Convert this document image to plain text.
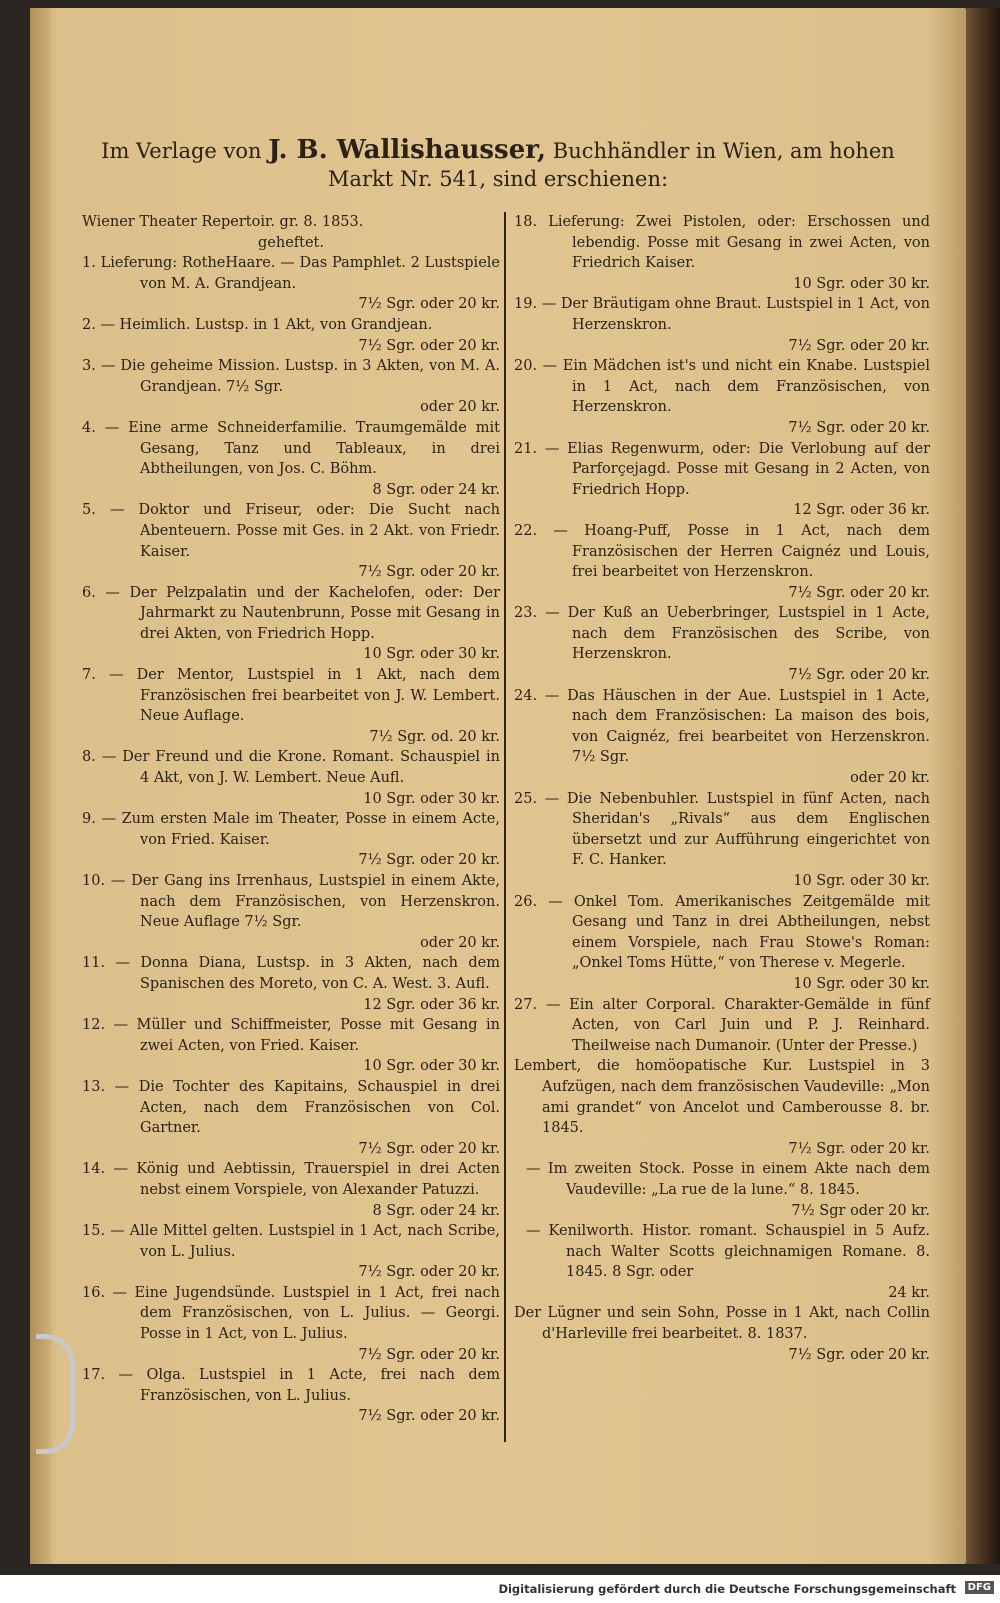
Im Verlage von J. B. Wallishausser, Buchhändler in Wien, am hohen Markt Nr. 541, sind erschienen:

Wiener Theater Repertoir. gr. 8. 1853.

geheftet.

1. Lieferung: RotheHaare. — Das Pamphlet. 2 Lustspiele von M. A. Grandjean.
7½ Sgr. oder 20 kr.

2. — Heimlich. Lustsp. in 1 Akt, von Grandjean.
7½ Sgr. oder 20 kr.

3. — Die geheime Mission. Lustsp. in 3 Akten, von M. A. Grandjean. 7½ Sgr.
oder 20 kr.

4. — Eine arme Schneiderfamilie. Traumgemälde mit Gesang, Tanz und Tableaux, in drei Abtheilungen, von Jos. C. Böhm.
8 Sgr. oder 24 kr.

5. — Doktor und Friseur, oder: Die Sucht nach Abenteuern. Posse mit Ges. in 2 Akt. von Friedr. Kaiser.
7½ Sgr. oder 20 kr.

6. — Der Pelzpalatin und der Kachelofen, oder: Der Jahrmarkt zu Nautenbrunn, Posse mit Gesang in drei Akten, von Friedrich Hopp.
10 Sgr. oder 30 kr.

7. — Der Mentor, Lustspiel in 1 Akt, nach dem Französischen frei bearbeitet von J. W. Lembert. Neue Auflage.
7½ Sgr. od. 20 kr.

8. — Der Freund und die Krone. Romant. Schauspiel in 4 Akt, von J. W. Lembert. Neue Aufl.
10 Sgr. oder 30 kr.

9. — Zum ersten Male im Theater, Posse in einem Acte, von Fried. Kaiser.
7½ Sgr. oder 20 kr.

10. — Der Gang ins Irrenhaus, Lustspiel in einem Akte, nach dem Französischen, von Herzenskron. Neue Auflage 7½ Sgr.
oder 20 kr.

11. — Donna Diana, Lustsp. in 3 Akten, nach dem Spanischen des Moreto, von C. A. West. 3. Aufl.
12 Sgr. oder 36 kr.

12. — Müller und Schiffmeister, Posse mit Gesang in zwei Acten, von Fried. Kaiser.
10 Sgr. oder 30 kr.

13. — Die Tochter des Kapitains, Schauspiel in drei Acten, nach dem Französischen von Col. Gartner.
7½ Sgr. oder 20 kr.

14. — König und Aebtissin, Trauerspiel in drei Acten nebst einem Vorspiele, von Alexander Patuzzi.
8 Sgr. oder 24 kr.

15. — Alle Mittel gelten. Lustspiel in 1 Act, nach Scribe, von L. Julius.
7½ Sgr. oder 20 kr.

16. — Eine Jugendsünde. Lustspiel in 1 Act, frei nach dem Französischen, von L. Julius. — Georgi. Posse in 1 Act, von L. Julius.
7½ Sgr. oder 20 kr.

17. — Olga. Lustspiel in 1 Acte, frei nach dem Französischen, von L. Julius.
7½ Sgr. oder 20 kr.

18. Lieferung: Zwei Pistolen, oder: Erschossen und lebendig. Posse mit Gesang in zwei Acten, von Friedrich Kaiser.
10 Sgr. oder 30 kr.

19. — Der Bräutigam ohne Braut. Lustspiel in 1 Act, von Herzenskron.
7½ Sgr. oder 20 kr.

20. — Ein Mädchen ist's und nicht ein Knabe. Lustspiel in 1 Act, nach dem Französischen, von Herzenskron.
7½ Sgr. oder 20 kr.

21. — Elias Regenwurm, oder: Die Verlobung auf der Parforçejagd. Posse mit Gesang in 2 Acten, von Friedrich Hopp.
12 Sgr. oder 36 kr.

22. — Hoang-Puff, Posse in 1 Act, nach dem Französischen der Herren Caignéz und Louis, frei bearbeitet von Herzenskron.
7½ Sgr. oder 20 kr.

23. — Der Kuß an Ueberbringer, Lustspiel in 1 Acte, nach dem Französischen des Scribe, von Herzenskron.
7½ Sgr. oder 20 kr.

24. — Das Häuschen in der Aue. Lustspiel in 1 Acte, nach dem Französischen: La maison des bois, von Caignéz, frei bearbeitet von Herzenskron. 7½ Sgr.
oder 20 kr.

25. — Die Nebenbuhler. Lustspiel in fünf Acten, nach Sheridan's „Rivals“ aus dem Englischen übersetzt und zur Aufführung eingerichtet von F. C. Hanker.
10 Sgr. oder 30 kr.

26. — Onkel Tom. Amerikanisches Zeitgemälde mit Gesang und Tanz in drei Abtheilungen, nebst einem Vorspiele, nach Frau Stowe's Roman: „Onkel Toms Hütte,“ von Therese v. Megerle.
10 Sgr. oder 30 kr.

27. — Ein alter Corporal. Charakter-Gemälde in fünf Acten, von Carl Juin und P. J. Reinhard. Theilweise nach Dumanoir. (Unter der Presse.)

Lembert, die homöopatische Kur. Lustspiel in 3 Aufzügen, nach dem französischen Vaudeville: „Mon ami grandet“ von Ancelot und Camberousse 8. br. 1845.
7½ Sgr. oder 20 kr.

— Im zweiten Stock. Posse in einem Akte nach dem Vaudeville: „La rue de la lune.“ 8. 1845.
7½ Sgr oder 20 kr.

— Kenilworth. Histor. romant. Schauspiel in 5 Aufz. nach Walter Scotts gleichnamigen Romane. 8. 1845. 8 Sgr. oder
24 kr.

Der Lügner und sein Sohn, Posse in 1 Akt, nach Collin d'Harleville frei bearbeitet. 8. 1837.
7½ Sgr. oder 20 kr.

Digitalisierung gefördert durch die Deutsche Forschungsgemeinschaft	DFG
